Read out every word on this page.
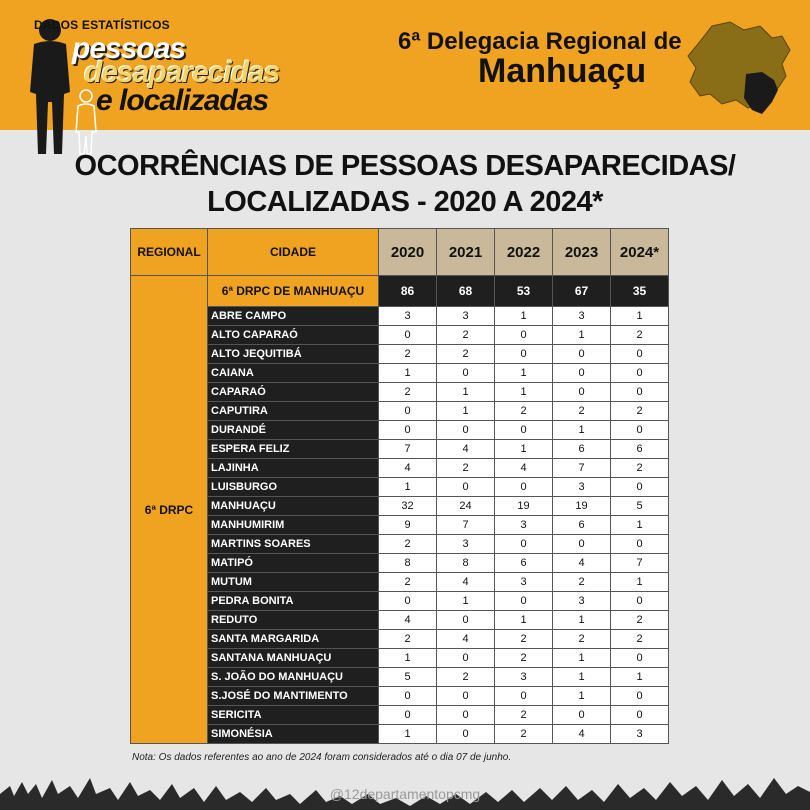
DADOS ESTATÍSTICOS
pessoas
desaparecidas
e localizadas
6ª Delegacia Regional de
Manhuaçu
OCORRÊNCIAS DE PESSOAS DESAPARECIDAS/
LOCALIZADAS - 2020 A 2024*
REGIONAL	CIDADE	2020	2021	2022	2023	2024*
6ª DRPC	6ª DRPC DE MANHUAÇU	86	68	53	67	35
	ABRE CAMPO	3	3	1	3	1
	ALTO CAPARAÓ	0	2	0	1	2
	ALTO JEQUITIBÁ	2	2	0	0	0
	CAIANA	1	0	1	0	0
	CAPARAÓ	2	1	1	0	0
	CAPUTIRA	0	1	2	2	2
	DURANDÉ	0	0	0	1	0
	ESPERA FELIZ	7	4	1	6	6
	LAJINHA	4	2	4	7	2
	LUISBURGO	1	0	0	3	0
	MANHUAÇU	32	24	19	19	5
	MANHUMIRIM	9	7	3	6	1
	MARTINS SOARES	2	3	0	0	0
	MATIPÓ	8	8	6	4	7
	MUTUM	2	4	3	2	1
	PEDRA BONITA	0	1	0	3	0
	REDUTO	4	0	1	1	2
	SANTA MARGARIDA	2	4	2	2	2
	SANTANA MANHUAÇU	1	0	2	1	0
	S. JOÃO DO MANHUAÇU	5	2	3	1	1
	S.JOSÉ DO MANTIMENTO	0	0	0	1	0
	SERICITA	0	0	2	0	0
	SIMONÉSIA	1	0	2	4	3
Nota: Os dados referentes ao ano de 2024 foram considerados até o dia 07 de junho.
@12departamentopcmg
